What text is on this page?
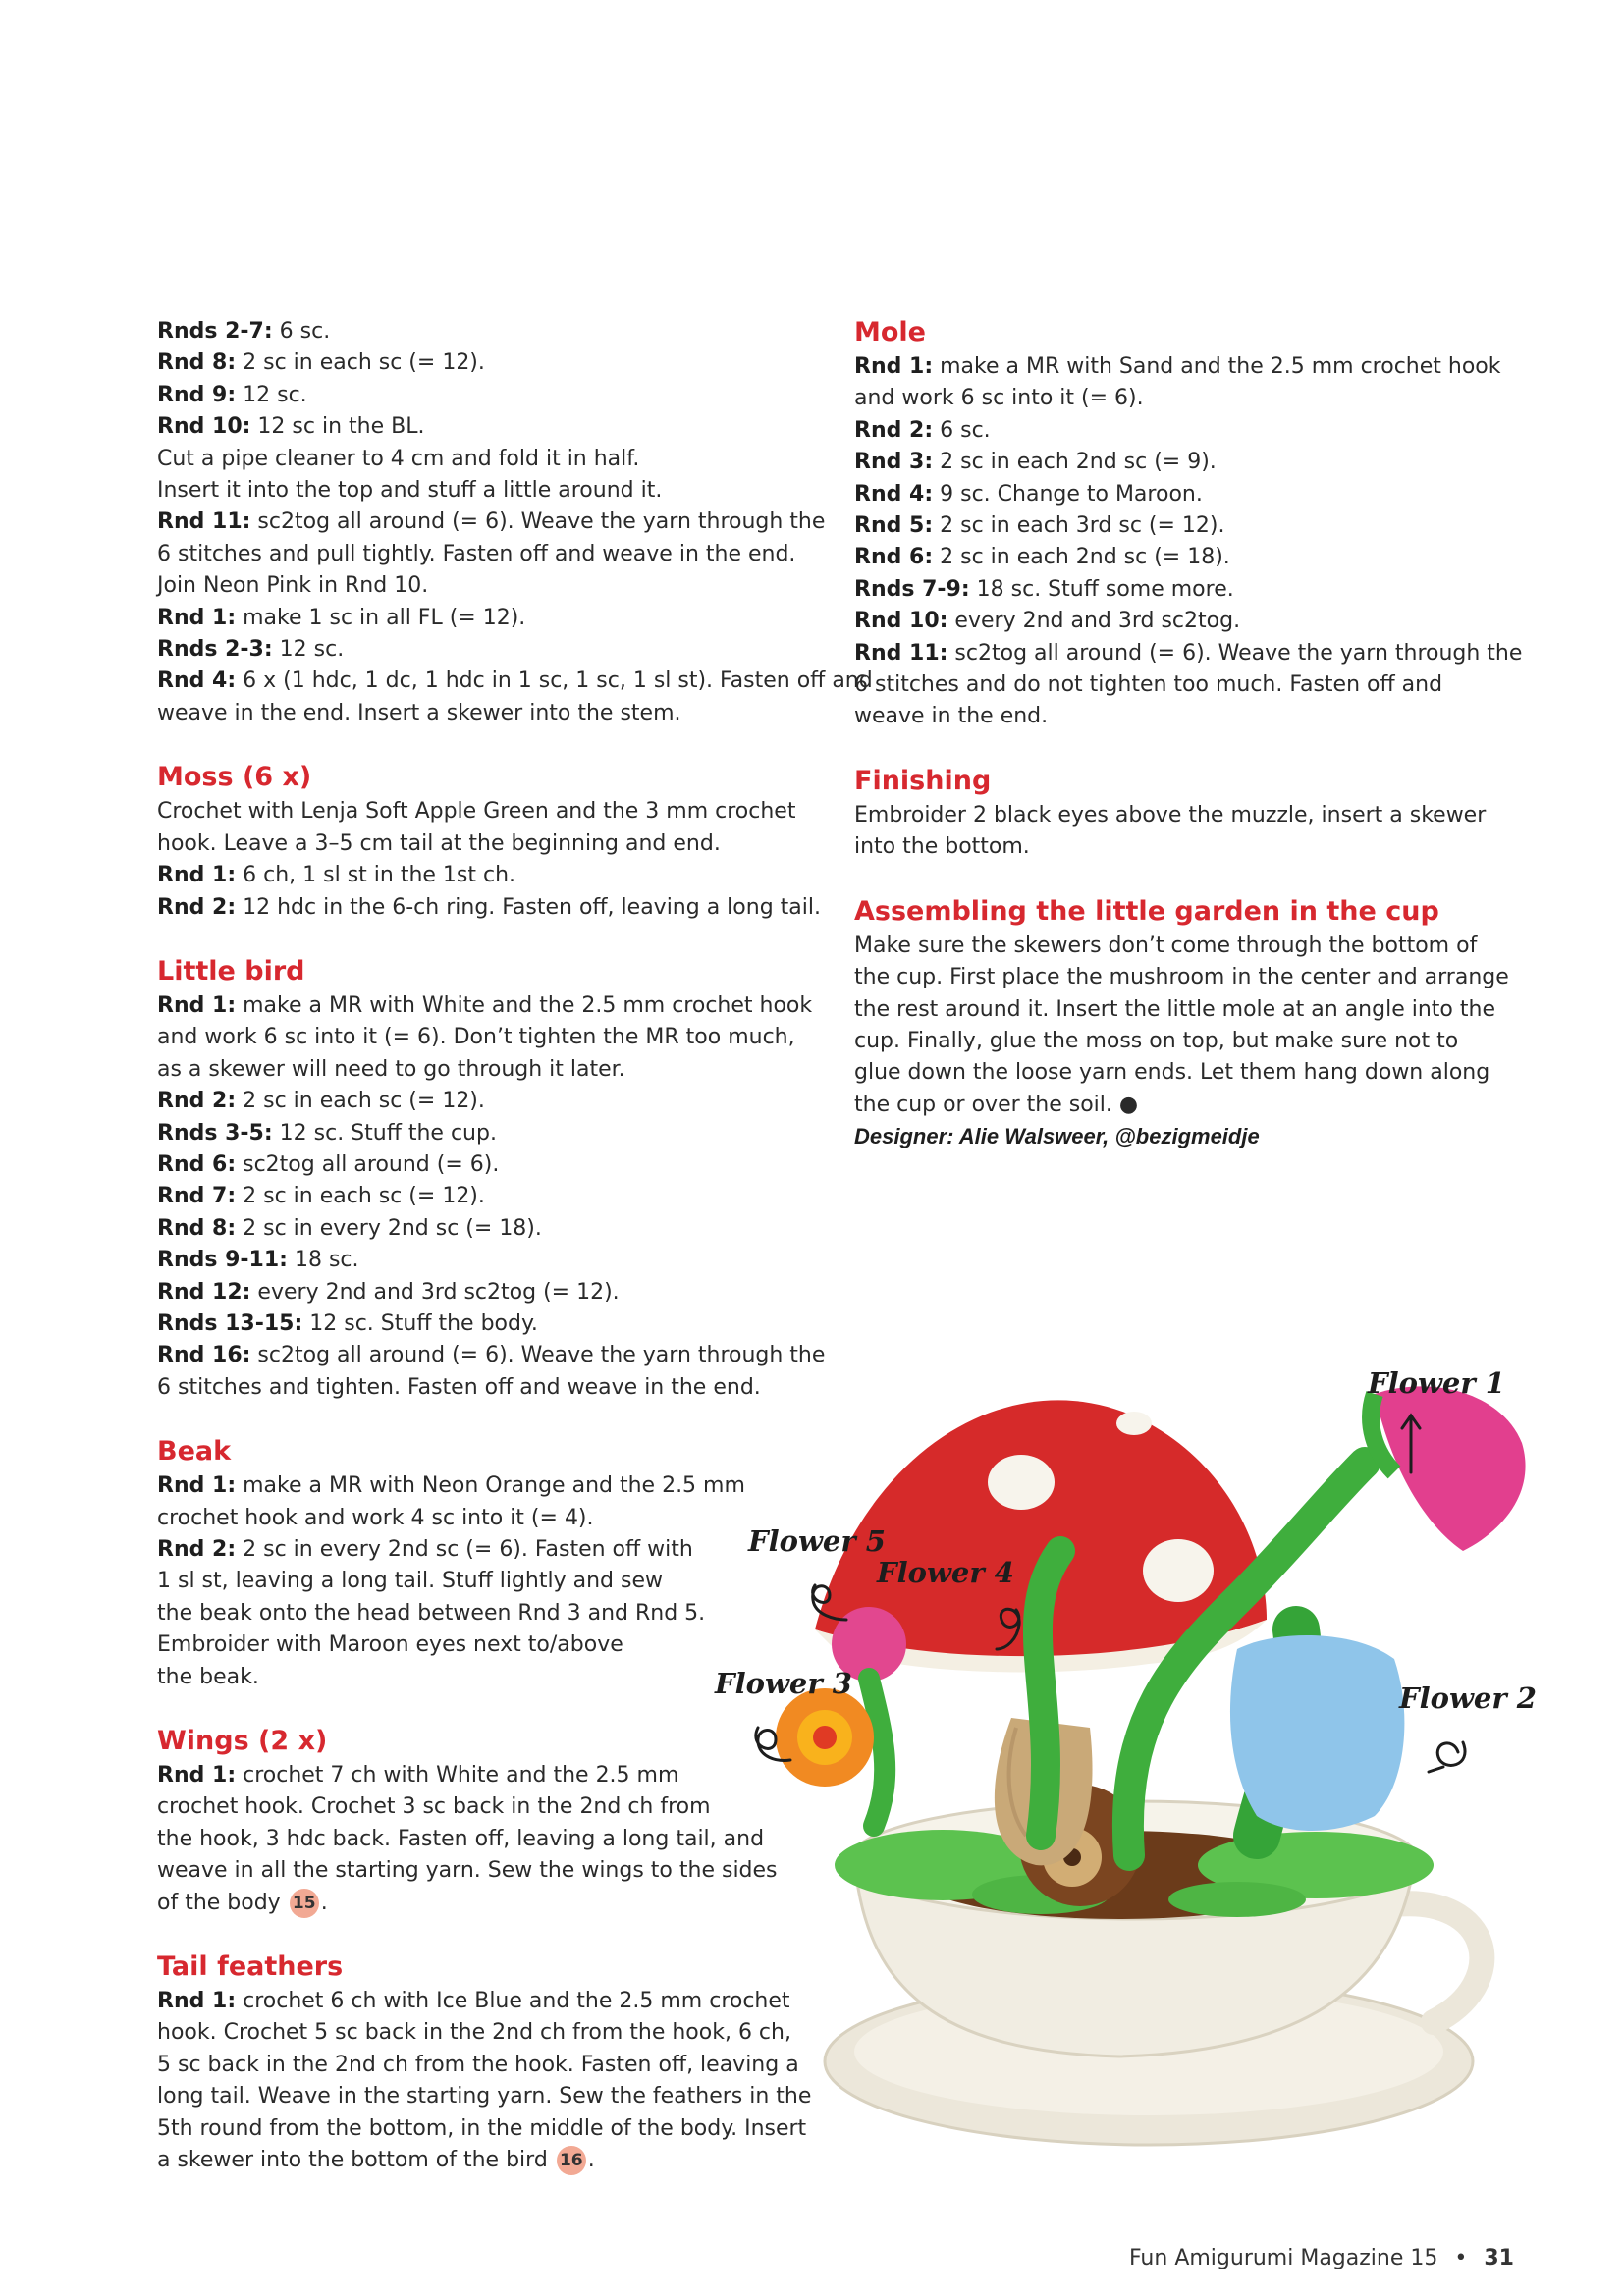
Rnds 2-7: 6 sc.
Rnd 8: 2 sc in each sc (= 12).
Rnd 9: 12 sc.
Rnd 10: 12 sc in the BL.
Cut a pipe cleaner to 4 cm and fold it in half.
Insert it into the top and stuff a little around it.
Rnd 11: sc2tog all around (= 6). Weave the yarn through the
6 stitches and pull tightly. Fasten off and weave in the end.
Join Neon Pink in Rnd 10.
Rnd 1: make 1 sc in all FL (= 12).
Rnds 2-3: 12 sc.
Rnd 4: 6 x (1 hdc, 1 dc, 1 hdc in 1 sc, 1 sc, 1 sl st). Fasten off and
weave in the end. Insert a skewer into the stem.
Moss (6 x)
Crochet with Lenja Soft Apple Green and the 3 mm crochet
hook. Leave a 3–5 cm tail at the beginning and end.
Rnd 1: 6 ch, 1 sl st in the 1st ch.
Rnd 2: 12 hdc in the 6-ch ring. Fasten off, leaving a long tail.
Little bird
Rnd 1: make a MR with White and the 2.5 mm crochet hook
and work 6 sc into it (= 6). Don’t tighten the MR too much,
as a skewer will need to go through it later.
Rnd 2: 2 sc in each sc (= 12).
Rnds 3-5: 12 sc. Stuff the cup.
Rnd 6: sc2tog all around (= 6).
Rnd 7: 2 sc in each sc (= 12).
Rnd 8: 2 sc in every 2nd sc (= 18).
Rnds 9-11: 18 sc.
Rnd 12: every 2nd and 3rd sc2tog (= 12).
Rnds 13-15: 12 sc. Stuff the body.
Rnd 16: sc2tog all around (= 6). Weave the yarn through the
6 stitches and tighten. Fasten off and weave in the end.
Beak
Rnd 1: make a MR with Neon Orange and the 2.5 mm
crochet hook and work 4 sc into it (= 4).
Rnd 2: 2 sc in every 2nd sc (= 6). Fasten off with
1 sl st, leaving a long tail. Stuff lightly and sew
the beak onto the head between Rnd 3 and Rnd 5.
Embroider with Maroon eyes next to/above
the beak.
Wings (2 x)
Rnd 1: crochet 7 ch with White and the 2.5 mm
crochet hook. Crochet 3 sc back in the 2nd ch from
the hook, 3 hdc back. Fasten off, leaving a long tail, and
weave in all the starting yarn. Sew the wings to the sides
of the body 15 .
Tail feathers
Rnd 1: crochet 6 ch with Ice Blue and the 2.5 mm crochet
hook. Crochet 5 sc back in the 2nd ch from the hook, 6 ch,
5 sc back in the 2nd ch from the hook. Fasten off, leaving a
long tail. Weave in the starting yarn. Sew the feathers in the
5th round from the bottom, in the middle of the body. Insert
a skewer into the bottom of the bird 16 .
Mole
Rnd 1: make a MR with Sand and the 2.5 mm crochet hook
and work 6 sc into it (= 6).
Rnd 2: 6 sc.
Rnd 3: 2 sc in each 2nd sc (= 9).
Rnd 4: 9 sc. Change to Maroon.
Rnd 5: 2 sc in each 3rd sc (= 12).
Rnd 6: 2 sc in each 2nd sc (= 18).
Rnds 7-9: 18 sc. Stuff some more.
Rnd 10: every 2nd and 3rd sc2tog.
Rnd 11: sc2tog all around (= 6). Weave the yarn through the
6 stitches and do not tighten too much. Fasten off and
weave in the end.
Finishing
Embroider 2 black eyes above the muzzle, insert a skewer
into the bottom.
Assembling the little garden in the cup
Make sure the skewers don’t come through the bottom of
the cup. First place the mushroom in the center and arrange
the rest around it. Insert the little mole at an angle into the
cup. Finally, glue the moss on top, but make sure not to
glue down the loose yarn ends. Let them hang down along
the cup or over the soil. ●
Designer: Alie Walsweer, @bezigmeidje
Flower 1
Flower 2
Flower 3
Flower 4
Flower 5
Fun Amigurumi Magazine 15 • 31
